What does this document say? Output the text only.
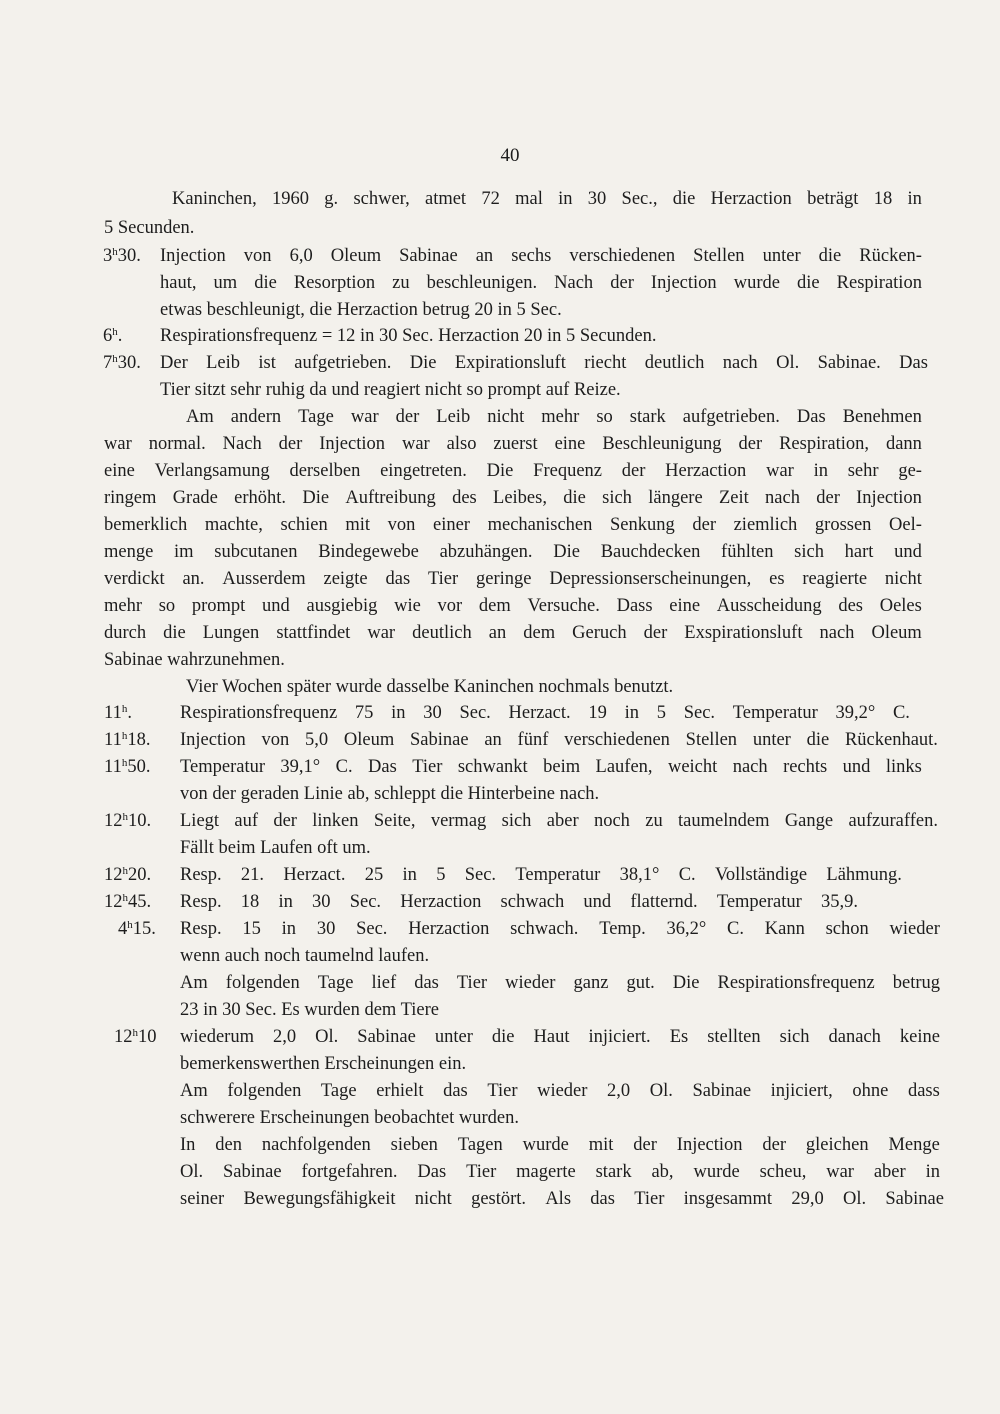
40
Kaninchen, 1960 g. schwer, atmet 72 mal in 30 Sec., die Herzaction beträgt 18 in
5 Secunden.
3$^h$30. Injection von 6,0 Oleum Sabinae an sechs verschiedenen Stellen unter die Rücken-
haut, um die Resorption zu beschleunigen. Nach der Injection wurde die Respiration
etwas beschleunigt, die Herzaction betrug 20 in 5 Sec.
6$^h$. Respirationsfrequenz = 12 in 30 Sec. Herzaction 20 in 5 Secunden.
7$^h$30. Der Leib ist aufgetrieben. Die Expirationsluft riecht deutlich nach Ol. Sabinae. Das
Tier sitzt sehr ruhig da und reagiert nicht so prompt auf Reize.
Am andern Tage war der Leib nicht mehr so stark aufgetrieben. Das Benehmen
war normal. Nach der Injection war also zuerst eine Beschleunigung der Respiration, dann
eine Verlangsamung derselben eingetreten. Die Frequenz der Herzaction war in sehr ge-
ringem Grade erhöht. Die Auftreibung des Leibes, die sich längere Zeit nach der Injection
bemerklich machte, schien mit von einer mechanischen Senkung der ziemlich grossen Oel-
menge im subcutanen Bindegewebe abzuhängen. Die Bauchdecken fühlten sich hart und
verdickt an. Ausserdem zeigte das Tier geringe Depressionserscheinungen, es reagierte nicht
mehr so prompt und ausgiebig wie vor dem Versuche. Dass eine Ausscheidung des Oeles
durch die Lungen stattfindet war deutlich an dem Geruch der Exspirationsluft nach Oleum
Sabinae wahrzunehmen.
Vier Wochen später wurde dasselbe Kaninchen nochmals benutzt.
11$^h$.	Respirationsfrequenz 75 in 30 Sec. Herzact. 19 in 5 Sec. Temperatur 39,2° C.
11$^h$18. Injection von 5,0 Oleum Sabinae an fünf verschiedenen Stellen unter die Rückenhaut.
11$^h$50. Temperatur 39,1° C. Das Tier schwankt beim Laufen, weicht nach rechts und links
von der geraden Linie ab, schleppt die Hinterbeine nach.
12$^h$10. Liegt auf der linken Seite, vermag sich aber noch zu taumelndem Gange aufzuraffen.
Fällt beim Laufen oft um.
12$^h$20. Resp. 21. Herzact. 25 in 5 Sec. Temperatur 38,1° C. Vollständige Lähmung.
12$^h$45. Resp. 18 in 30 Sec. Herzaction schwach und flatternd. Temperatur 35,9.
4$^h$15. Resp. 15 in 30 Sec. Herzaction schwach. Temp. 36,2° C. Kann schon wieder
wenn auch noch taumelnd laufen.
Am folgenden Tage lief das Tier wieder ganz gut. Die Respirationsfrequenz betrug
23 in 30 Sec. Es wurden dem Tiere
12$^h$10 wiederum 2,0 Ol. Sabinae unter die Haut injiciert. Es stellten sich danach keine
bemerkenswerthen Erscheinungen ein.
Am folgenden Tage erhielt das Tier wieder 2,0 Ol. Sabinae injiciert, ohne dass
schwerere Erscheinungen beobachtet wurden.
In den nachfolgenden sieben Tagen wurde mit der Injection der gleichen Menge
Ol. Sabinae fortgefahren. Das Tier magerte stark ab, wurde scheu, war aber in
seiner Bewegungsfähigkeit nicht gestört. Als das Tier insgesammt 29,0 Ol. Sabinae
